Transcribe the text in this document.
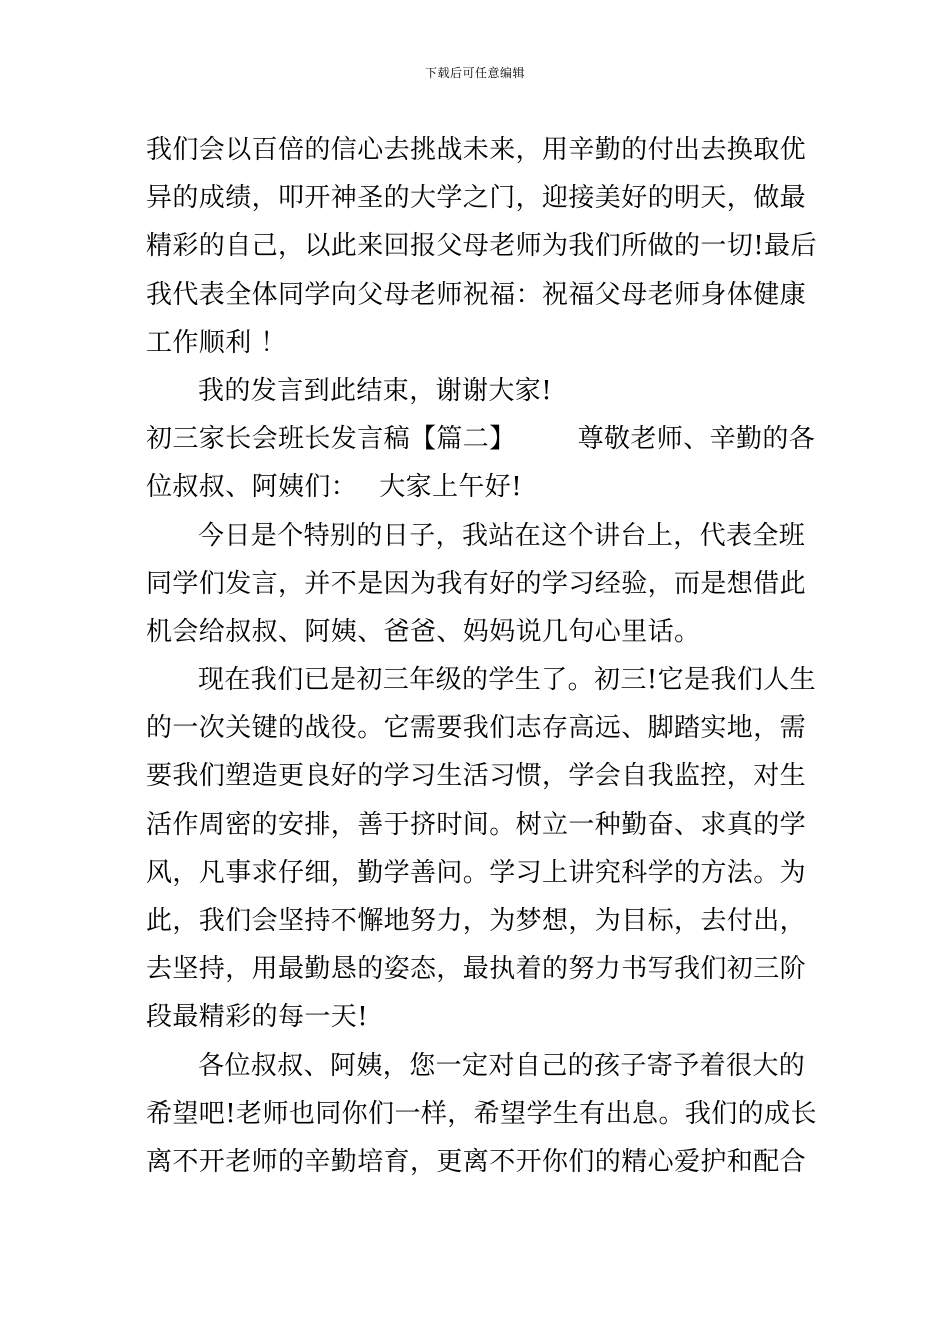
下载后可任意编辑
我们会以百倍的信心去挑战未来，用辛勤的付出去换取优
异的成绩，叩开神圣的大学之门，迎接美好的明天，做最
精彩的自己，以此来回报父母老师为我们所做的一切!最后
我代表全体同学向父母老师祝福：祝福父母老师身体健康
工作顺利 ！
我的发言到此结束，谢谢大家!
初三家长会班长发言稿【篇二】 尊敬老师、辛勤的各
位叔叔、阿姨们： 大家上午好!
今日是个特别的日子，我站在这个讲台上，代表全班
同学们发言，并不是因为我有好的学习经验，而是想借此
机会给叔叔、阿姨、爸爸、妈妈说几句心里话。
现在我们已是初三年级的学生了。初三!它是我们人生
的一次关键的战役。它需要我们志存高远、脚踏实地，需
要我们塑造更良好的学习生活习惯，学会自我监控，对生
活作周密的安排，善于挤时间。树立一种勤奋、求真的学
风，凡事求仔细，勤学善问。学习上讲究科学的方法。为
此，我们会坚持不懈地努力，为梦想，为目标，去付出，
去坚持，用最勤恳的姿态，最执着的努力书写我们初三阶
段最精彩的每一天!
各位叔叔、阿姨，您一定对自己的孩子寄予着很大的
希望吧!老师也同你们一样，希望学生有出息。我们的成长
离不开老师的辛勤培育，更离不开你们的精心爱护和配合
